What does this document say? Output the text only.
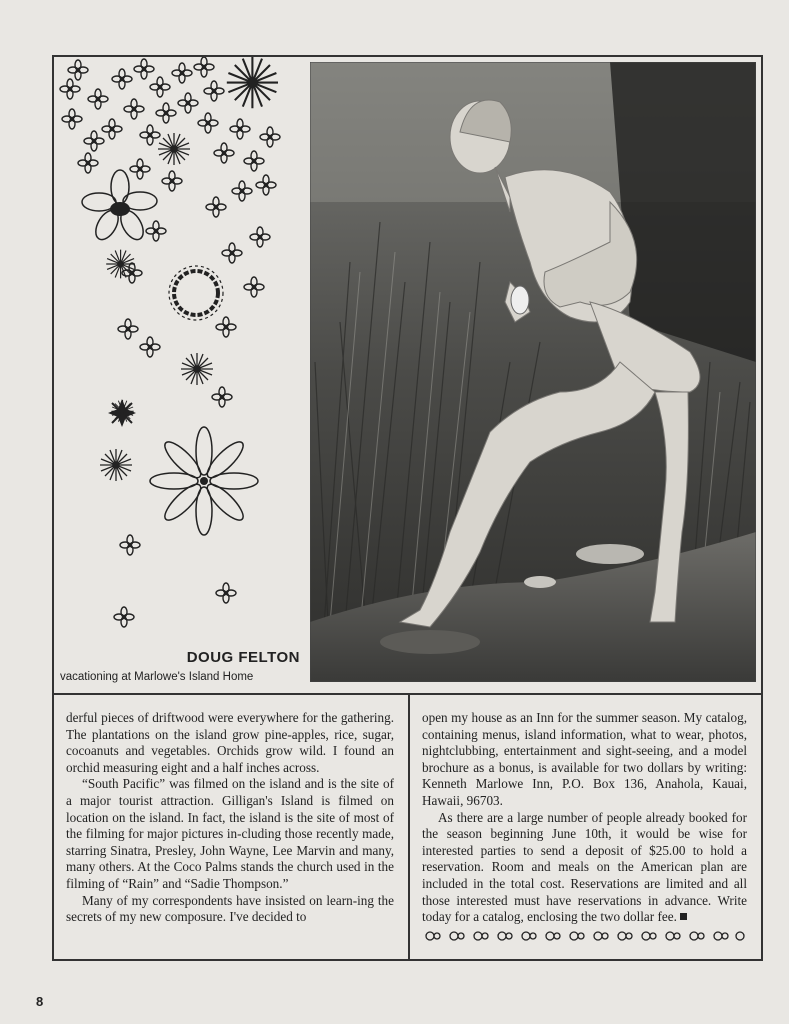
DOUG FELTON
vacationing at Marlowe's Island Home

derful pieces of driftwood were everywhere for the gathering. The plantations on the island grow pine-apples, rice, sugar, cocoanuts and vegetables. Orchids grow wild. I found an orchid measuring eight and a half inches across.

“South Pacific” was filmed on the island and is the site of a major tourist attraction. Gilligan's Island is filmed on location on the island. In fact, the island is the site of most of the filming for major pictures in-cluding those recently made, starring Sinatra, Presley, John Wayne, Lee Marvin and many, many others. At the Coco Palms stands the church used in the filming of “Rain” and “Sadie Thompson.”

Many of my correspondents have insisted on learn-ing the secrets of my new composure. I've decided to

open my house as an Inn for the summer season. My catalog, containing menus, island information, what to wear, photos, nightclubbing, entertainment and sight-seeing, and a model brochure as a bonus, is available for two dollars by writing: Kenneth Marlowe Inn, P.O. Box 136, Anahola, Kauai, Hawaii, 96703.

As there are a large number of people already booked for the season beginning June 10th, it would be wise for interested parties to send a deposit of $25.00 to hold a reservation. Room and meals on the American plan are included in the total cost. Reservations are limited and all those interested must have reservations in advance. Write today for a catalog, enclosing the two dollar fee.

8
